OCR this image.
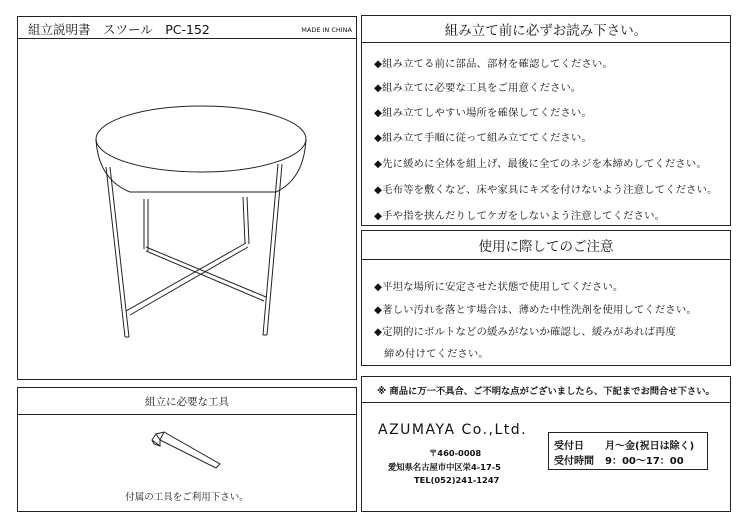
組立説明書　スツール　PC-152	MADE IN CHINA	組み立て前に必ずお読み下さい。
◆組み立てる前に部品、部材を確認してください。
◆組み立てに必要な工具をご用意ください。
◆組み立てしやすい場所を確保してください。
◆組み立て手順に従って組み立ててください。
◆先に緩めに全体を組上げ、最後に全てのネジを本締めしてください。
◆毛布等を敷くなど、床や家具にキズを付けないよう注意してください。
◆手や指を挟んだりしてケガをしないよう注意してください。
使用に際してのご注意
◆平坦な場所に安定させた状態で使用してください。
◆著しい汚れを落とす場合は、薄めた中性洗剤を使用してください。
◆定期的にボルトなどの緩みがないか確認し、緩みがあれば再度
締め付けてください。
組立に必要な工具
付属の工具をご利用下さい。
※ 商品に万一不具合、ご不明な点がございましたら、下記までお問合せ下さい。
AZUMAYA Co.,Ltd.
〒460-0008
愛知県名古屋市中区栄4-17-5
TEL(052)241-1247
受付日 月〜金(祝日は除く)
受付時間 9：00〜17：00
